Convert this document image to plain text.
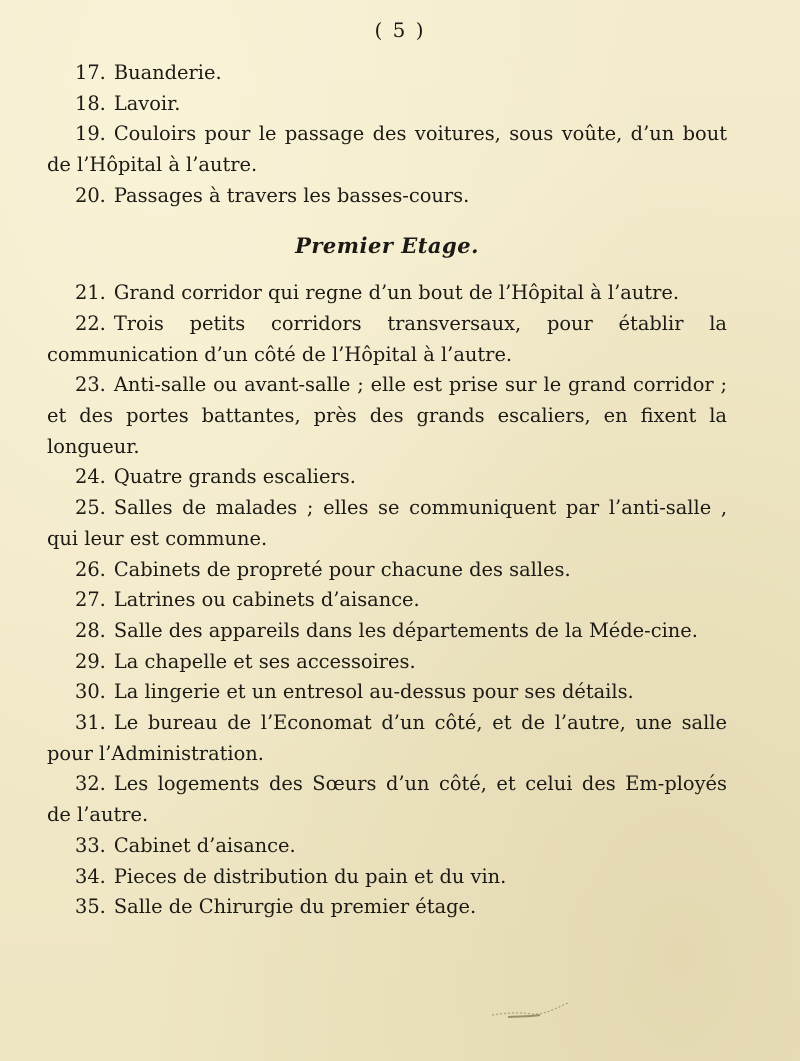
( 5 )

17. Buanderie.

18. Lavoir.

19. Couloirs pour le passage des voitures, sous voûte, d’un bout de l’Hôpital à l’autre.

20. Passages à travers les basses-cours.

Premier Etage.

21. Grand corridor qui regne d’un bout de l’Hôpital à l’autre.

22. Trois petits corridors transversaux, pour établir la communication d’un côté de l’Hôpital à l’autre.

23. Anti-salle ou avant-salle ; elle est prise sur le grand corridor ; et des portes battantes, près des grands escaliers, en fixent la longueur.

24. Quatre grands escaliers.

25. Salles de malades ; elles se communiquent par l’anti-salle , qui leur est commune.

26. Cabinets de propreté pour chacune des salles.

27. Latrines ou cabinets d’aisance.

28. Salle des appareils dans les départements de la Méde-cine.

29. La chapelle et ses accessoires.

30. La lingerie et un entresol au-dessus pour ses détails.

31. Le bureau de l’Economat d’un côté, et de l’autre, une salle pour l’Administration.

32. Les logements des Sœurs d’un côté, et celui des Em-ployés de l’autre.

33. Cabinet d’aisance.

34. Pieces de distribution du pain et du vin.

35. Salle de Chirurgie du premier étage.
